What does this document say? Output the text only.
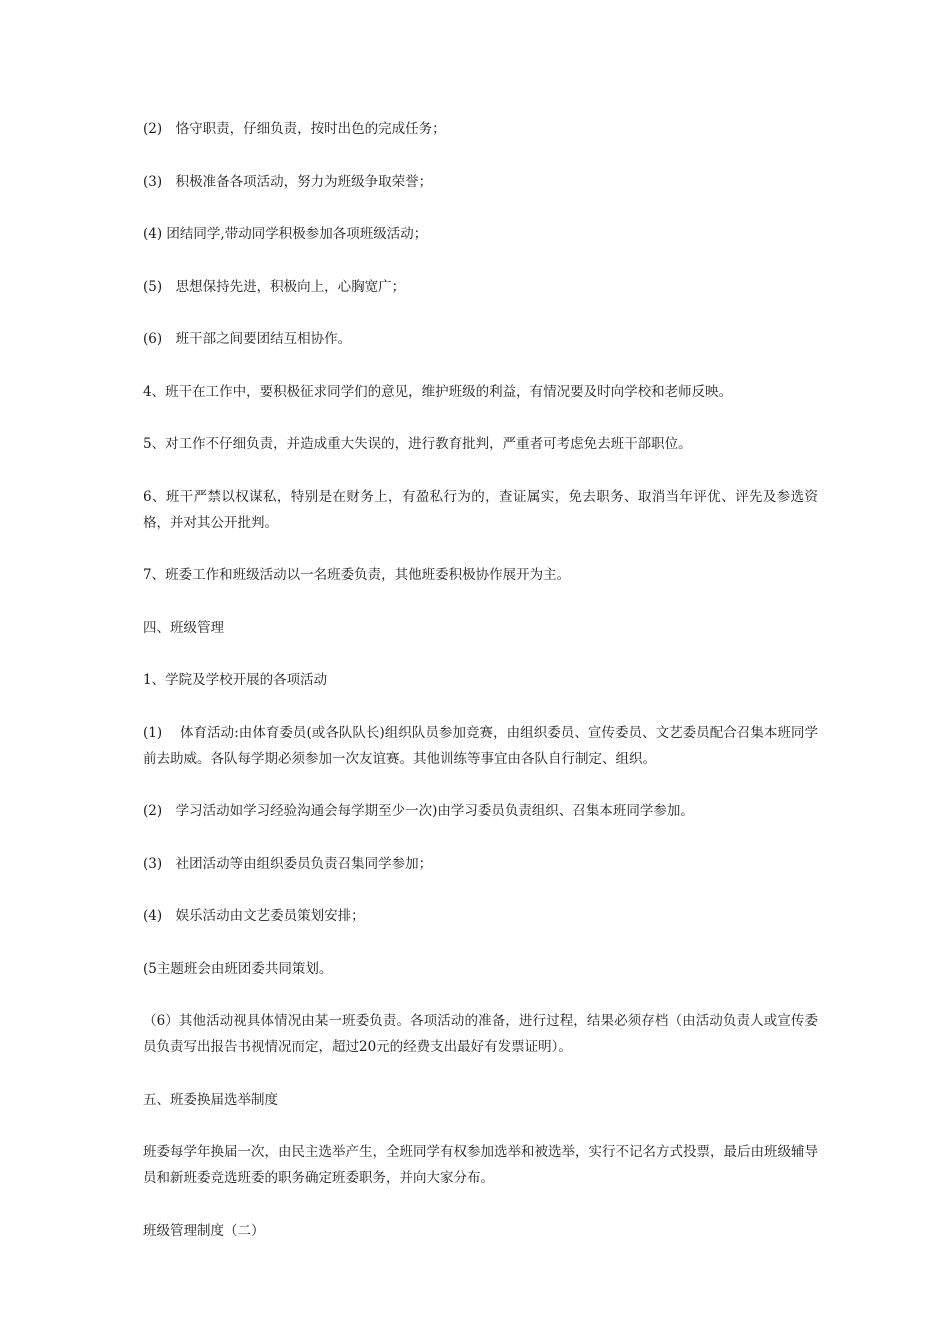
(2)　恪守职责，仔细负责，按时出色的完成任务；

(3)　积极准备各项活动，努力为班级争取荣誉；

(4) 团结同学,带动同学积极参加各项班级活动；

(5)　思想保持先进，积极向上，心胸宽广；

(6)　班干部之间要团结互相协作。

4、班干在工作中，要积极征求同学们的意见，维护班级的利益，有情况要及时向学校和老师反映。

5、对工作不仔细负责，并造成重大失误的，进行教育批判，严重者可考虑免去班干部职位。

6、班干严禁以权谋私，特别是在财务上，有盈私行为的，查证属实，免去职务、取消当年评优、评先及参选资格，并对其公开批判。

7、班委工作和班级活动以一名班委负责，其他班委积极协作展开为主。

四、班级管理

1、学院及学校开展的各项活动

(1)　 体育活动:由体育委员(或各队队长)组织队员参加竞赛，由组织委员、宣传委员、文艺委员配合召集本班同学前去助威。各队每学期必须参加一次友谊赛。其他训练等事宜由各队自行制定、组织。

(2)　学习活动如学习经验沟通会每学期至少一次)由学习委员负责组织、召集本班同学参加。

(3)　社团活动等由组织委员负责召集同学参加；

(4)　娱乐活动由文艺委员策划安排；

(5主题班会由班团委共同策划。

（6）其他活动视具体情况由某一班委负责。各项活动的准备，进行过程，结果必须存档（由活动负责人或宣传委员负责写出报告书视情况而定，超过20元的经费支出最好有发票证明）。

五、班委换届选举制度

班委每学年换届一次，由民主选举产生，全班同学有权参加选举和被选举，实行不记名方式投票，最后由班级辅导员和新班委竞选班委的职务确定班委职务，并向大家分布。

班级管理制度（二）
